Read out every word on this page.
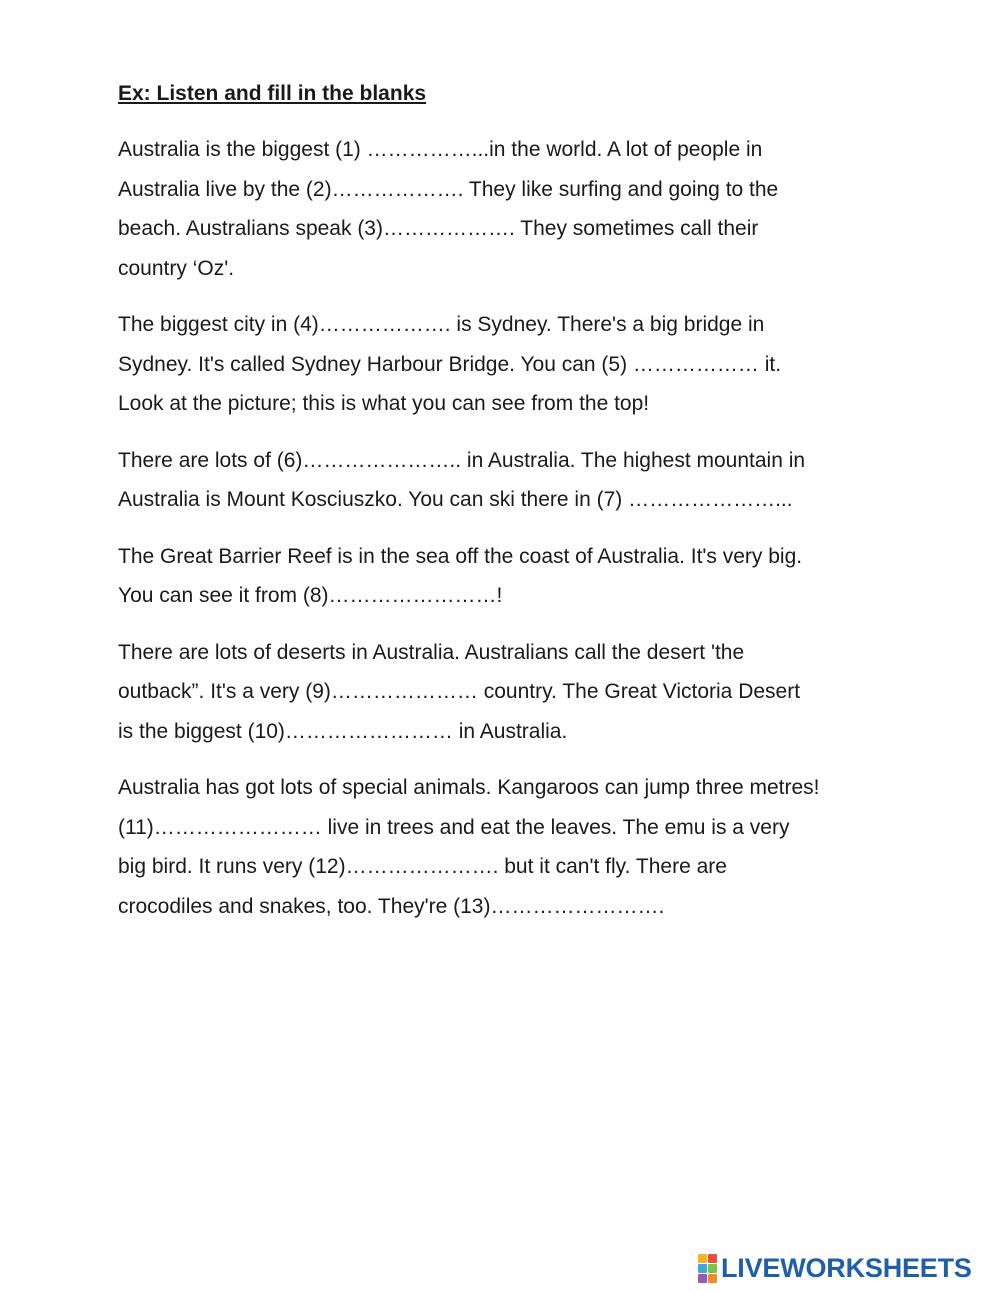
Ex: Listen and fill in the blanks

Australia is the biggest (1) ……………...in the world. A lot of people in
Australia live by the (2)………………. They like surfing and going to the
beach. Australians speak (3)………………. They sometimes call their
country ‘Oz'.

The biggest city in (4)………………. is Sydney. There's a big bridge in
Sydney. It's called Sydney Harbour Bridge. You can (5) ……………… it.
Look at the picture; this is what you can see from the top!

There are lots of (6)………………….. in Australia. The highest mountain in
Australia is Mount Kosciuszko. You can ski there in (7) …………………...

The Great Barrier Reef is in the sea off the coast of Australia. It's very big.
You can see it from (8)……………………!

There are lots of deserts in Australia. Australians call the desert 'the
outback”. It's a very (9)………………… country. The Great Victoria Desert
is the biggest (10)…………………… in Australia.

Australia has got lots of special animals. Kangaroos can jump three metres!
(11)…………………… live in trees and eat the leaves. The emu is a very
big bird. It runs very (12)…………………. but it can't fly. There are
crocodiles and snakes, too. They're (13)…………………….

LIVEWORKSHEETS
